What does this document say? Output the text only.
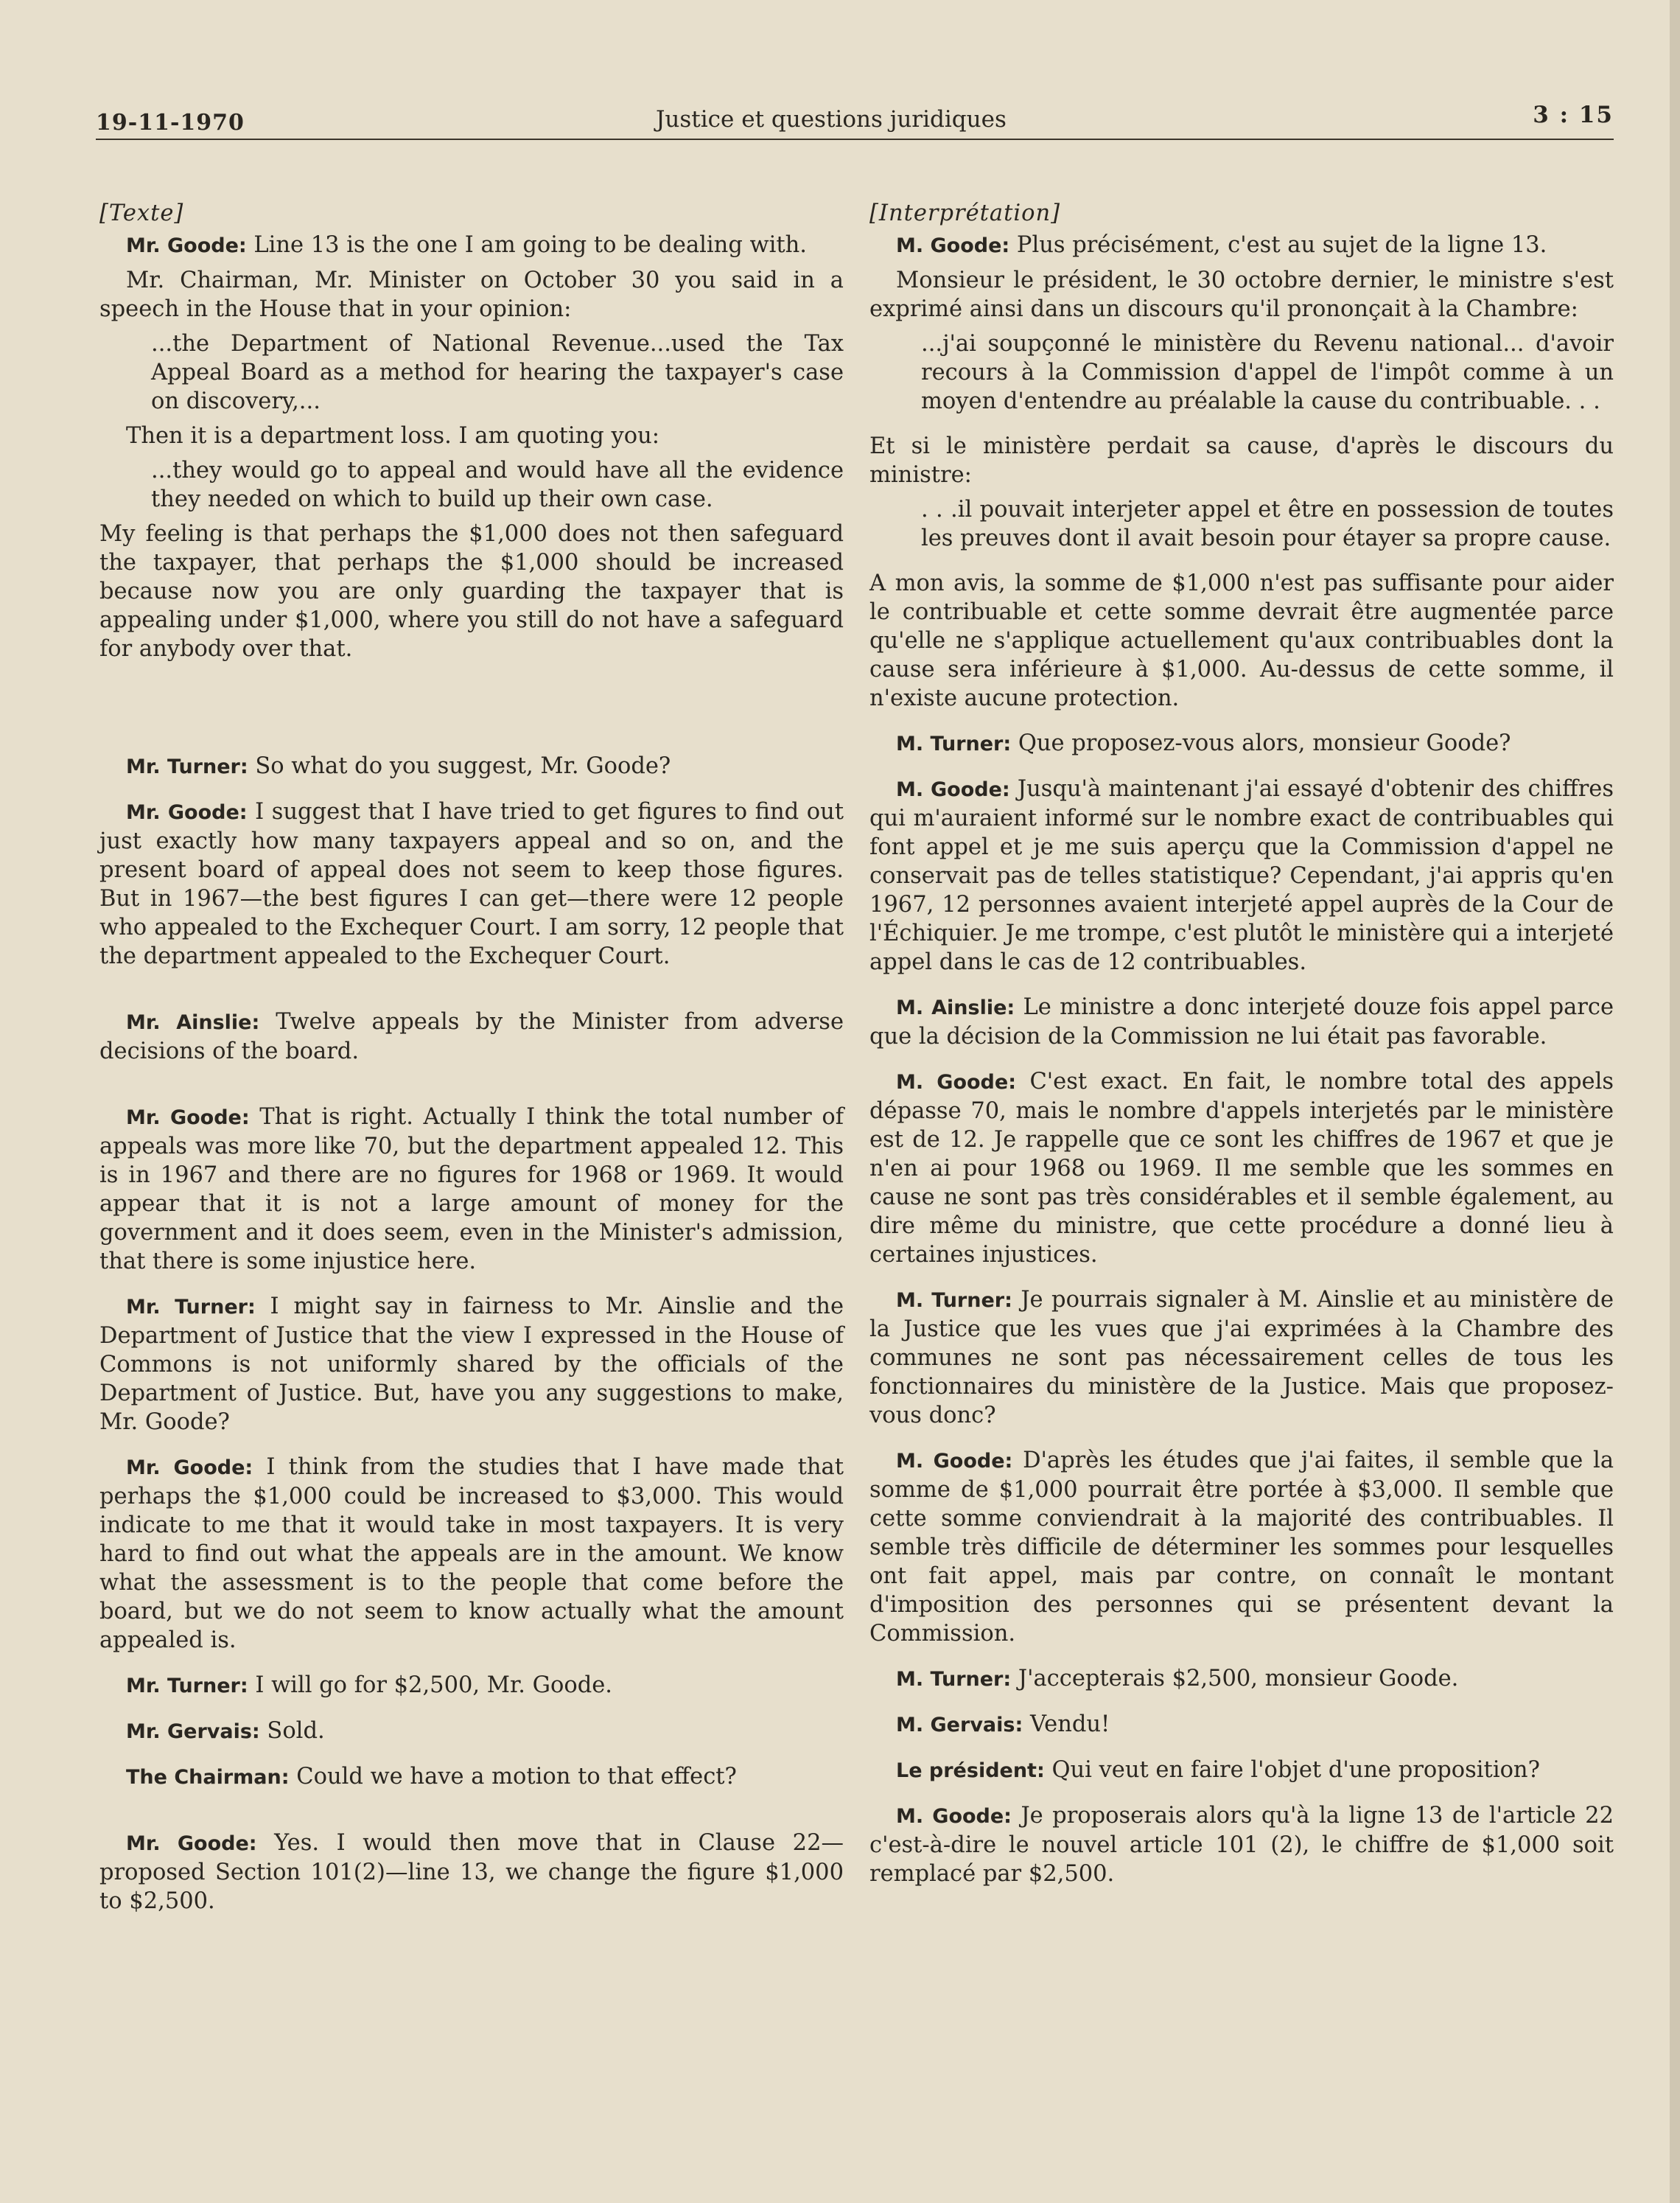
19-11-1970	Justice et questions juridiques	3 : 15

[Texte]

Mr. Goode: Line 13 is the one I am going to be dealing with.

Mr. Chairman, Mr. Minister on October 30 you said in a speech in the House that in your opinion:

...the Department of National Revenue...used the Tax Appeal Board as a method for hearing the taxpayer's case on discovery,...

Then it is a department loss. I am quoting you:

...they would go to appeal and would have all the evidence they needed on which to build up their own case.

My feeling is that perhaps the $1,000 does not then safeguard the taxpayer, that perhaps the $1,000 should be increased because now you are only guarding the taxpayer that is appealing under $1,000, where you still do not have a safeguard for anybody over that.

Mr. Turner: So what do you suggest, Mr. Goode?

Mr. Goode: I suggest that I have tried to get figures to find out just exactly how many taxpayers appeal and so on, and the present board of appeal does not seem to keep those figures. But in 1967—the best figures I can get—there were 12 people who appealed to the Exchequer Court. I am sorry, 12 people that the department appealed to the Exchequer Court.

Mr. Ainslie: Twelve appeals by the Minister from adverse decisions of the board.

Mr. Goode: That is right. Actually I think the total number of appeals was more like 70, but the department appealed 12. This is in 1967 and there are no figures for 1968 or 1969. It would appear that it is not a large amount of money for the government and it does seem, even in the Minister's admission, that there is some injustice here.

Mr. Turner: I might say in fairness to Mr. Ainslie and the Department of Justice that the view I expressed in the House of Commons is not uniformly shared by the officials of the Department of Justice. But, have you any suggestions to make, Mr. Goode?

Mr. Goode: I think from the studies that I have made that perhaps the $1,000 could be increased to $3,000. This would indicate to me that it would take in most taxpayers. It is very hard to find out what the appeals are in the amount. We know what the assessment is to the people that come before the board, but we do not seem to know actually what the amount appealed is.

Mr. Turner: I will go for $2,500, Mr. Goode.

Mr. Gervais: Sold.

The Chairman: Could we have a motion to that effect?

Mr. Goode: Yes. I would then move that in Clause 22—proposed Section 101(2)—line 13, we change the figure $1,000 to $2,500.

[Interprétation]

M. Goode: Plus précisément, c'est au sujet de la ligne 13.

Monsieur le président, le 30 octobre dernier, le ministre s'est exprimé ainsi dans un discours qu'il prononçait à la Chambre:

...j'ai soupçonné le ministère du Revenu national... d'avoir recours à la Commission d'appel de l'impôt comme à un moyen d'entendre au préalable la cause du contribuable. . .

Et si le ministère perdait sa cause, d'après le discours du ministre:

. . .il pouvait interjeter appel et être en possession de toutes les preuves dont il avait besoin pour étayer sa propre cause.

A mon avis, la somme de $1,000 n'est pas suffisante pour aider le contribuable et cette somme devrait être augmentée parce qu'elle ne s'applique actuellement qu'aux contribuables dont la cause sera inférieure à $1,000. Au-dessus de cette somme, il n'existe aucune protection.

M. Turner: Que proposez-vous alors, monsieur Goode?

M. Goode: Jusqu'à maintenant j'ai essayé d'obtenir des chiffres qui m'auraient informé sur le nombre exact de contribuables qui font appel et je me suis aperçu que la Commission d'appel ne conservait pas de telles statistique? Cependant, j'ai appris qu'en 1967, 12 personnes avaient interjeté appel auprès de la Cour de l'Échiquier. Je me trompe, c'est plutôt le ministère qui a interjeté appel dans le cas de 12 contribuables.

M. Ainslie: Le ministre a donc interjeté douze fois appel parce que la décision de la Commission ne lui était pas favorable.

M. Goode: C'est exact. En fait, le nombre total des appels dépasse 70, mais le nombre d'appels interjetés par le ministère est de 12. Je rappelle que ce sont les chiffres de 1967 et que je n'en ai pour 1968 ou 1969. Il me semble que les sommes en cause ne sont pas très considérables et il semble également, au dire même du ministre, que cette procédure a donné lieu à certaines injustices.

M. Turner: Je pourrais signaler à M. Ainslie et au ministère de la Justice que les vues que j'ai exprimées à la Chambre des communes ne sont pas nécessairement celles de tous les fonctionnaires du ministère de la Justice. Mais que proposez-vous donc?

M. Goode: D'après les études que j'ai faites, il semble que la somme de $1,000 pourrait être portée à $3,000. Il semble que cette somme conviendrait à la majorité des contribuables. Il semble très difficile de déterminer les sommes pour lesquelles ont fait appel, mais par contre, on connaît le montant d'imposition des personnes qui se présentent devant la Commission.

M. Turner: J'accepterais $2,500, monsieur Goode.

M. Gervais: Vendu!

Le président: Qui veut en faire l'objet d'une proposition?

M. Goode: Je proposerais alors qu'à la ligne 13 de l'article 22 c'est-à-dire le nouvel article 101 (2), le chiffre de $1,000 soit remplacé par $2,500.
